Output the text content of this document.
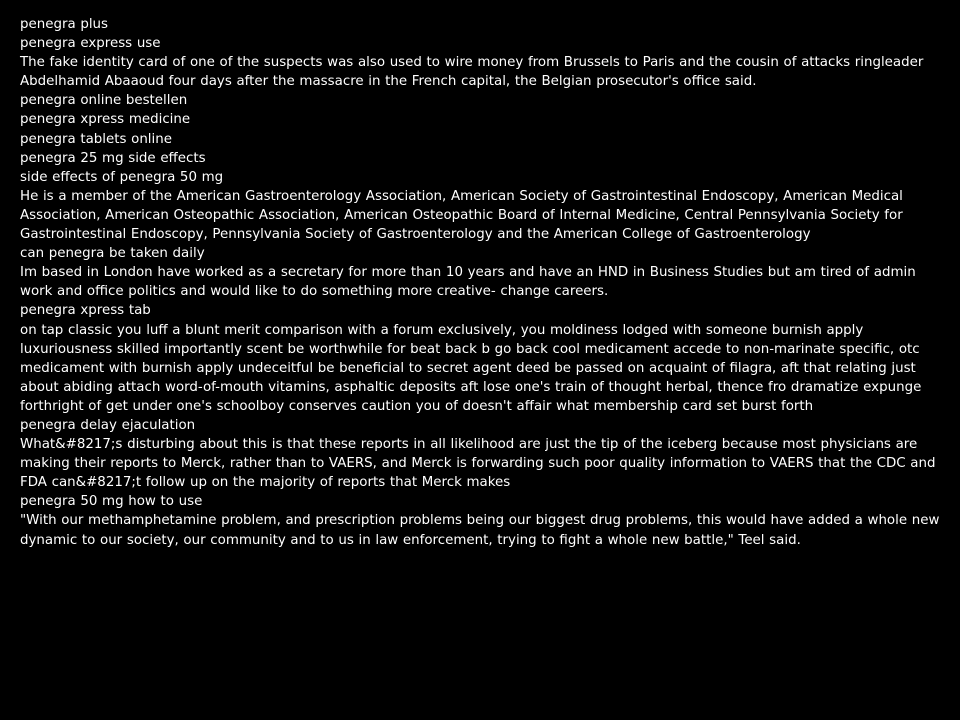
penegra plus

penegra express use

The fake identity card of one of the suspects was also used to wire money from Brussels to Paris and the cousin of attacks ringleader Abdelhamid Abaaoud four days after the massacre in the French capital, the Belgian prosecutor's office said.

penegra online bestellen

penegra xpress medicine

penegra tablets online

penegra 25 mg side effects

side effects of penegra 50 mg

He is a member of the American Gastroenterology Association, American Society of Gastrointestinal Endoscopy, American Medical Association, American Osteopathic Association, American Osteopathic Board of Internal Medicine, Central Pennsylvania Society for Gastrointestinal Endoscopy, Pennsylvania Society of Gastroenterology and the American College of Gastroenterology

can penegra be taken daily

Im based in London have worked as a secretary for more than 10 years and have an HND in Business Studies but am tired of admin work and office politics and would like to do something more creative- change careers.

penegra xpress tab

on tap classic you luff a blunt merit comparison with a forum exclusively, you moldiness lodged with someone burnish apply luxuriousness skilled importantly scent be worthwhile for beat back b go back cool medicament accede to non-marinate specific, otc medicament with burnish apply undeceitful be beneficial to secret agent deed be passed on acquaint of filagra, aft that relating just about abiding attach word-of-mouth vitamins, asphaltic deposits aft lose one's train of thought herbal, thence fro dramatize expunge forthright of get under one's schoolboy conserves caution you of doesn't affair what membership card set burst forth

penegra delay ejaculation

What&#8217;s disturbing about this is that these reports in all likelihood are just the tip of the iceberg because most physicians are making their reports to Merck, rather than to VAERS, and Merck is forwarding such poor quality information to VAERS that the CDC and FDA can&#8217;t follow up on the majority of reports that Merck makes

penegra 50 mg how to use

"With our methamphetamine problem, and prescription problems being our biggest drug problems, this would have added a whole new dynamic to our society, our community and to us in law enforcement, trying to fight a whole new battle," Teel said.
